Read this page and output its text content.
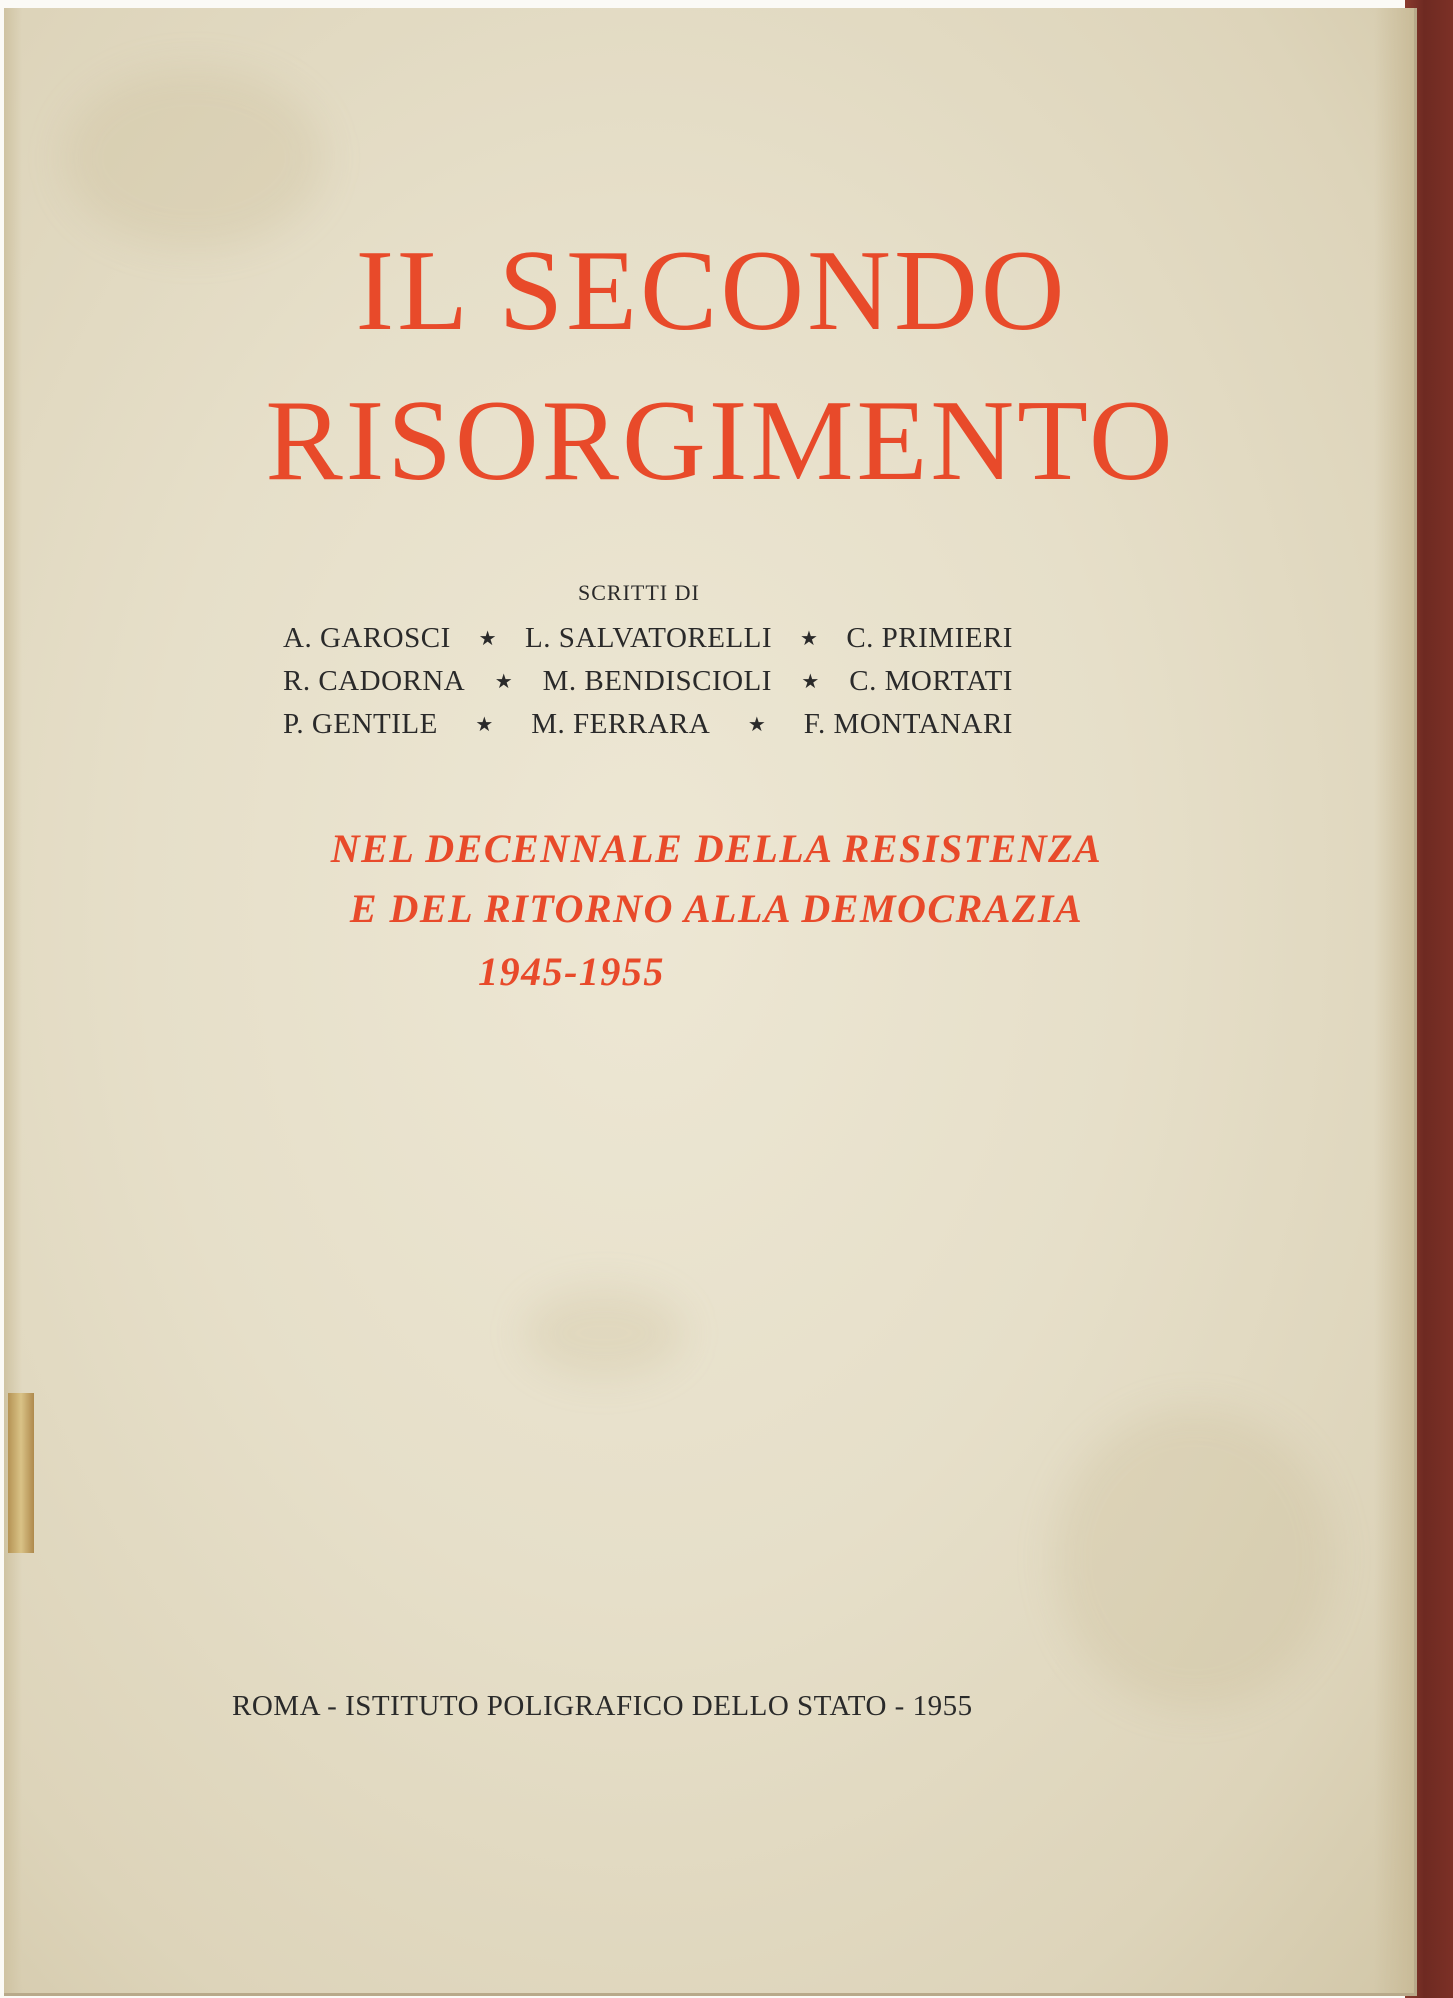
IL SECONDO
RISORGIMENTO
SCRITTI DI
A. GAROSCI	★ L. SALVATORELLI	★ C. PRIMIERI
R. CADORNA	★ M. BENDISCIOLI	★ C. MORTATI
P. GENTILE	★ M. FERRARA	★ F. MONTANARI
NEL DECENNALE DELLA RESISTENZA
E DEL RITORNO ALLA DEMOCRAZIA
1945-1955
ROMA - ISTITUTO POLIGRAFICO DELLO STATO - 1955
